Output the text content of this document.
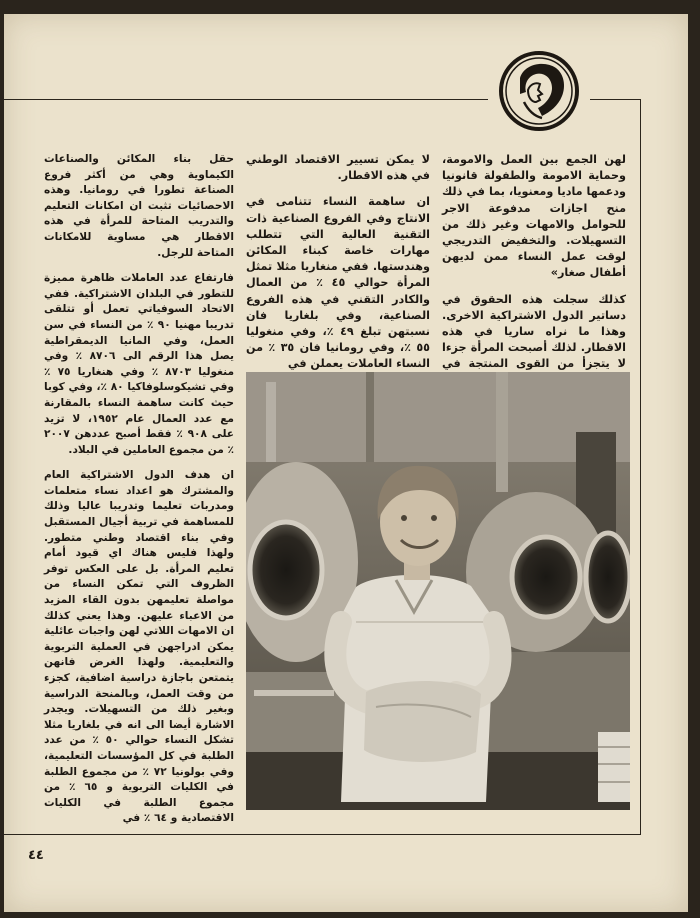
لهن الجمع بين العمل والامومة، وحماية الامومة والطفولة قانونيا ودعمها ماديا ومعنويا، بما في ذلك منح اجازات مدفوعة الاجر للحوامل والامهات وغير ذلك من التسهيلات. والتخفيض التدريجي لوقت عمل النساء ممن لديهن أطفال صغار»

كذلك سجلت هذه الحقوق في دساتير الدول الاشتراكية الاخرى. وهذا ما نراه ساريا في هذه الاقطار. لذلك أصبحت المرأة جزءا لا يتجزأ من القوى المنتجة في

لا يمكن تسيير الاقتصاد الوطني في هذه الاقطار.

ان ساهمة النساء تتنامى في الانتاج وفي الفروع الصناعية ذات التقنية العالية التي تتطلب مهارات خاصة كبناء المكائن وهندستها. ففي منغاريا مثلا تمثل المرأة حوالي ٤٥ ٪ من العمال والكادر التقني في هذه الفروع الصناعية، وفي بلغاريا فان نسبتهن تبلغ ٤٩ ٪، وفي منغوليا ٥٥ ٪، وفي رومانيا فان ٣٥ ٪ من النساء العاملات يعملن في

حقل بناء المكائن والصناعات الكيماوية وهي من أكثر فروع الصناعة تطورا في رومانيا. وهذه الاحصائيات تثبت ان امكانات التعليم والتدريب المتاحة للمرأة في هذه الاقطار هي مساوية للامكانات المتاحة للرجل.

فارتفاع عدد العاملات ظاهرة مميزة للتطور في البلدان الاشتراكية. ففي الاتحاد السوفياتي تعمل أو تتلقى تدريبا مهنيا ٩٠ ٪ من النساء في سن العمل، وفي المانيا الديمقراطية يصل هذا الرقم الى ٨٧٠٦ ٪ وفي منغوليا ٨٧٠٣ ٪ وفي هنغاريا ٧٥ ٪ وفي تشيكوسلوفاكيا ٨٠ ٪، وفي كوبا حيث كانت ساهمة النساء بالمقارنة مع عدد العمال عام ١٩٥٢، لا تزيد على ٩٠٨ ٪ فقط أصبح عددهن ٢٠٠٧ ٪ من مجموع العاملين في البلاد.

ان هدف الدول الاشتراكية العام والمشترك هو اعداد نساء متعلمات ومدربات تعليما وتدريبا عاليا وذلك للمساهمة في تربية أجيال المستقبل وفي بناء اقتصاد وطني متطور. ولهذا فليس هناك اي قيود أمام تعليم المرأة. بل على العكس توفر الظروف التي تمكن النساء من مواصلة تعليمهن بدون القاء المزيد من الاعباء عليهن. وهذا يعني كذلك ان الامهات اللاتي لهن واجبات عائلية يمكن ادراجهن في العملية التربوية والتعليمية. ولهذا الغرض فانهن يتمتعن باجازة دراسية اضافية، كجزء من وقت العمل، وبالمنحة الدراسية وبغير ذلك من التسهيلات. ويجدر الاشارة أيضا الى انه في بلغاريا مثلا تشكل النساء حوالي ٥٠ ٪ من عدد الطلبة في كل المؤسسات التعليمية، وفي بولونيا ٧٢ ٪ من مجموع الطلبة في الكليات التربوية و ٦٥ ٪ من مجموع الطلبة في الكليات الاقتصادية و ٦٤ ٪ في

٤٤
